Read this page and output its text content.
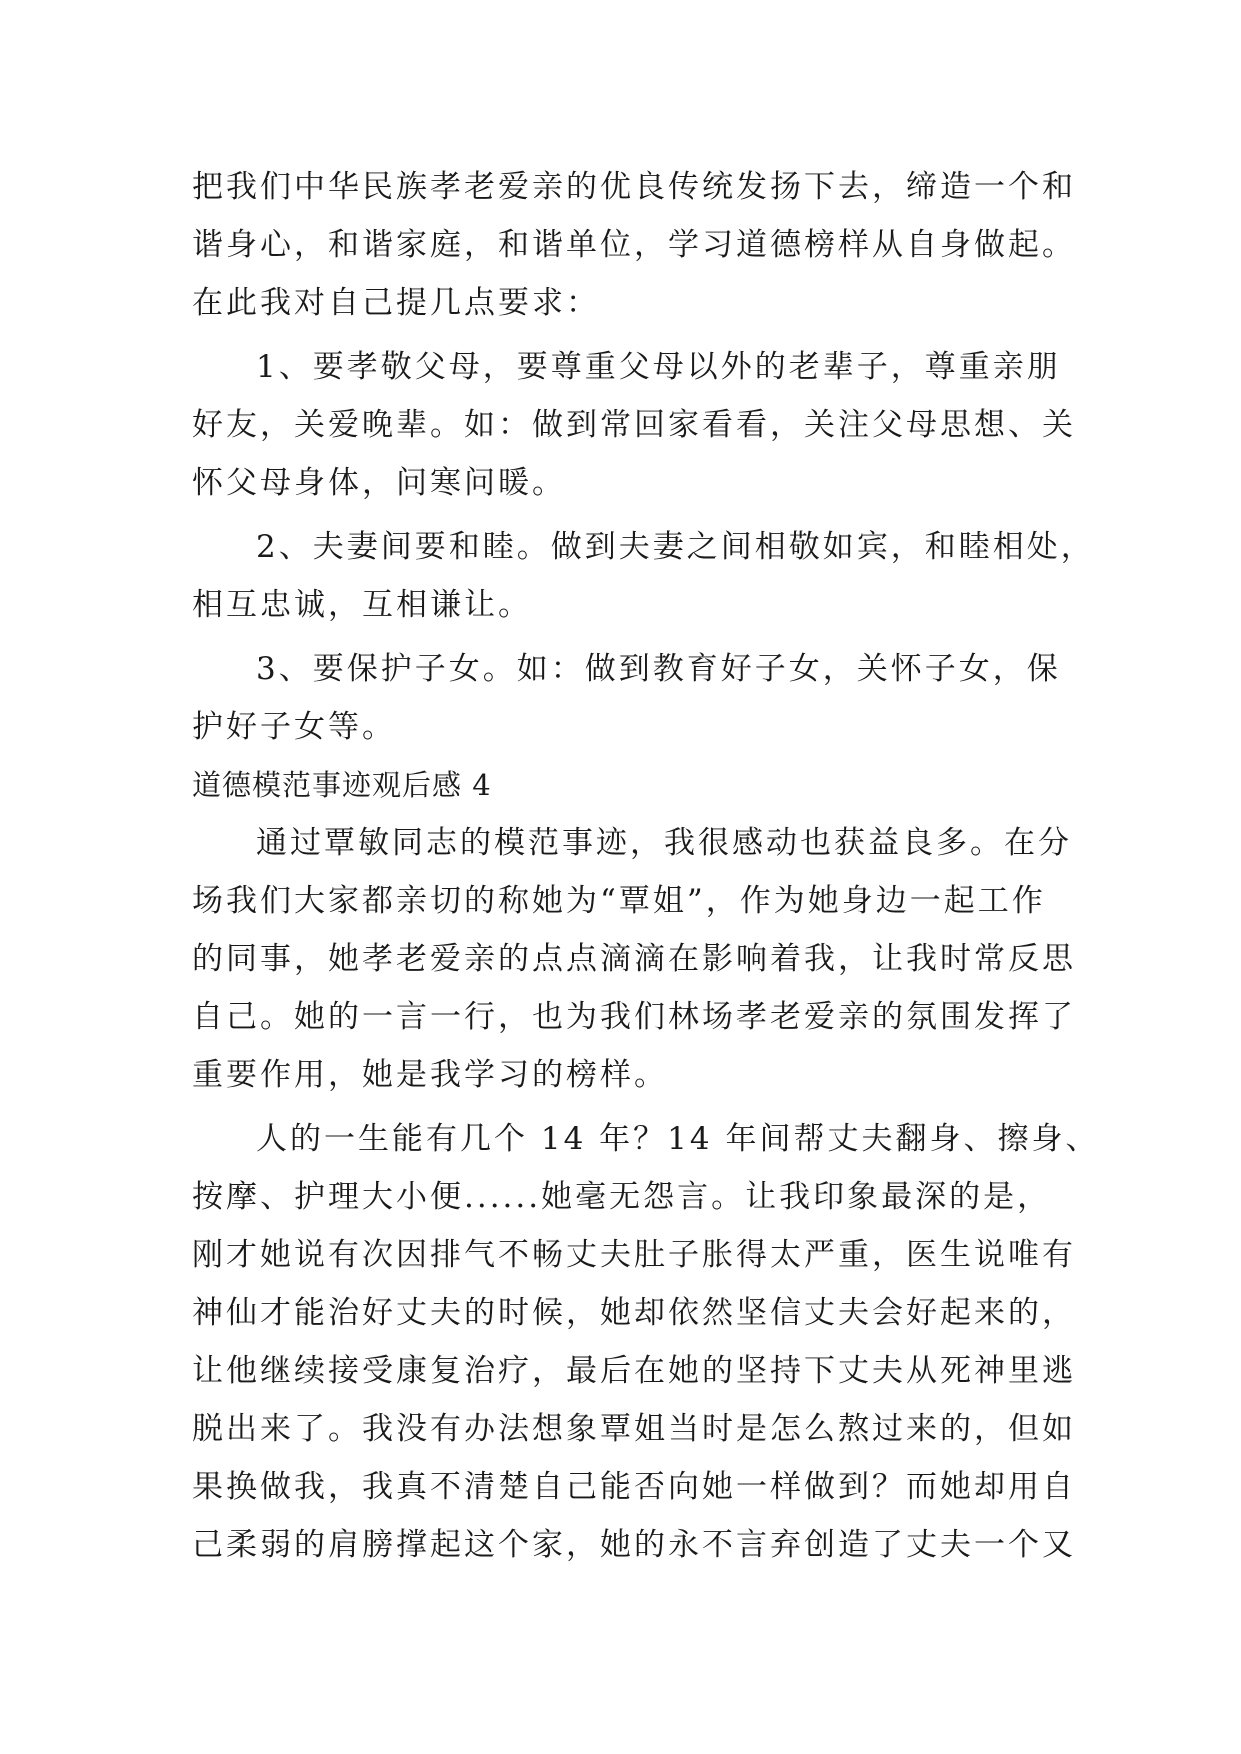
把我们中华民族孝老爱亲的优良传统发扬下去，缔造一个和
谐身心，和谐家庭，和谐单位，学习道德榜样从自身做起。
在此我对自己提几点要求：
1、要孝敬父母，要尊重父母以外的老辈子，尊重亲朋
好友，关爱晚辈。如：做到常回家看看，关注父母思想、关
怀父母身体，问寒问暖。
2、夫妻间要和睦。做到夫妻之间相敬如宾，和睦相处，
相互忠诚，互相谦让。
3、要保护子女。如：做到教育好子女，关怀子女，保
护好子女等。
道德模范事迹观后感 4
通过覃敏同志的模范事迹，我很感动也获益良多。在分
场我们大家都亲切的称她为“覃姐”，作为她身边一起工作
的同事，她孝老爱亲的点点滴滴在影响着我，让我时常反思
自己。她的一言一行，也为我们林场孝老爱亲的氛围发挥了
重要作用，她是我学习的榜样。
人的一生能有几个 14 年？14 年间帮丈夫翻身、擦身、
按摩、护理大小便......她毫无怨言。让我印象最深的是，
刚才她说有次因排气不畅丈夫肚子胀得太严重，医生说唯有
神仙才能治好丈夫的时候，她却依然坚信丈夫会好起来的，
让他继续接受康复治疗，最后在她的坚持下丈夫从死神里逃
脱出来了。我没有办法想象覃姐当时是怎么熬过来的，但如
果换做我，我真不清楚自己能否向她一样做到？而她却用自
己柔弱的肩膀撑起这个家，她的永不言弃创造了丈夫一个又
